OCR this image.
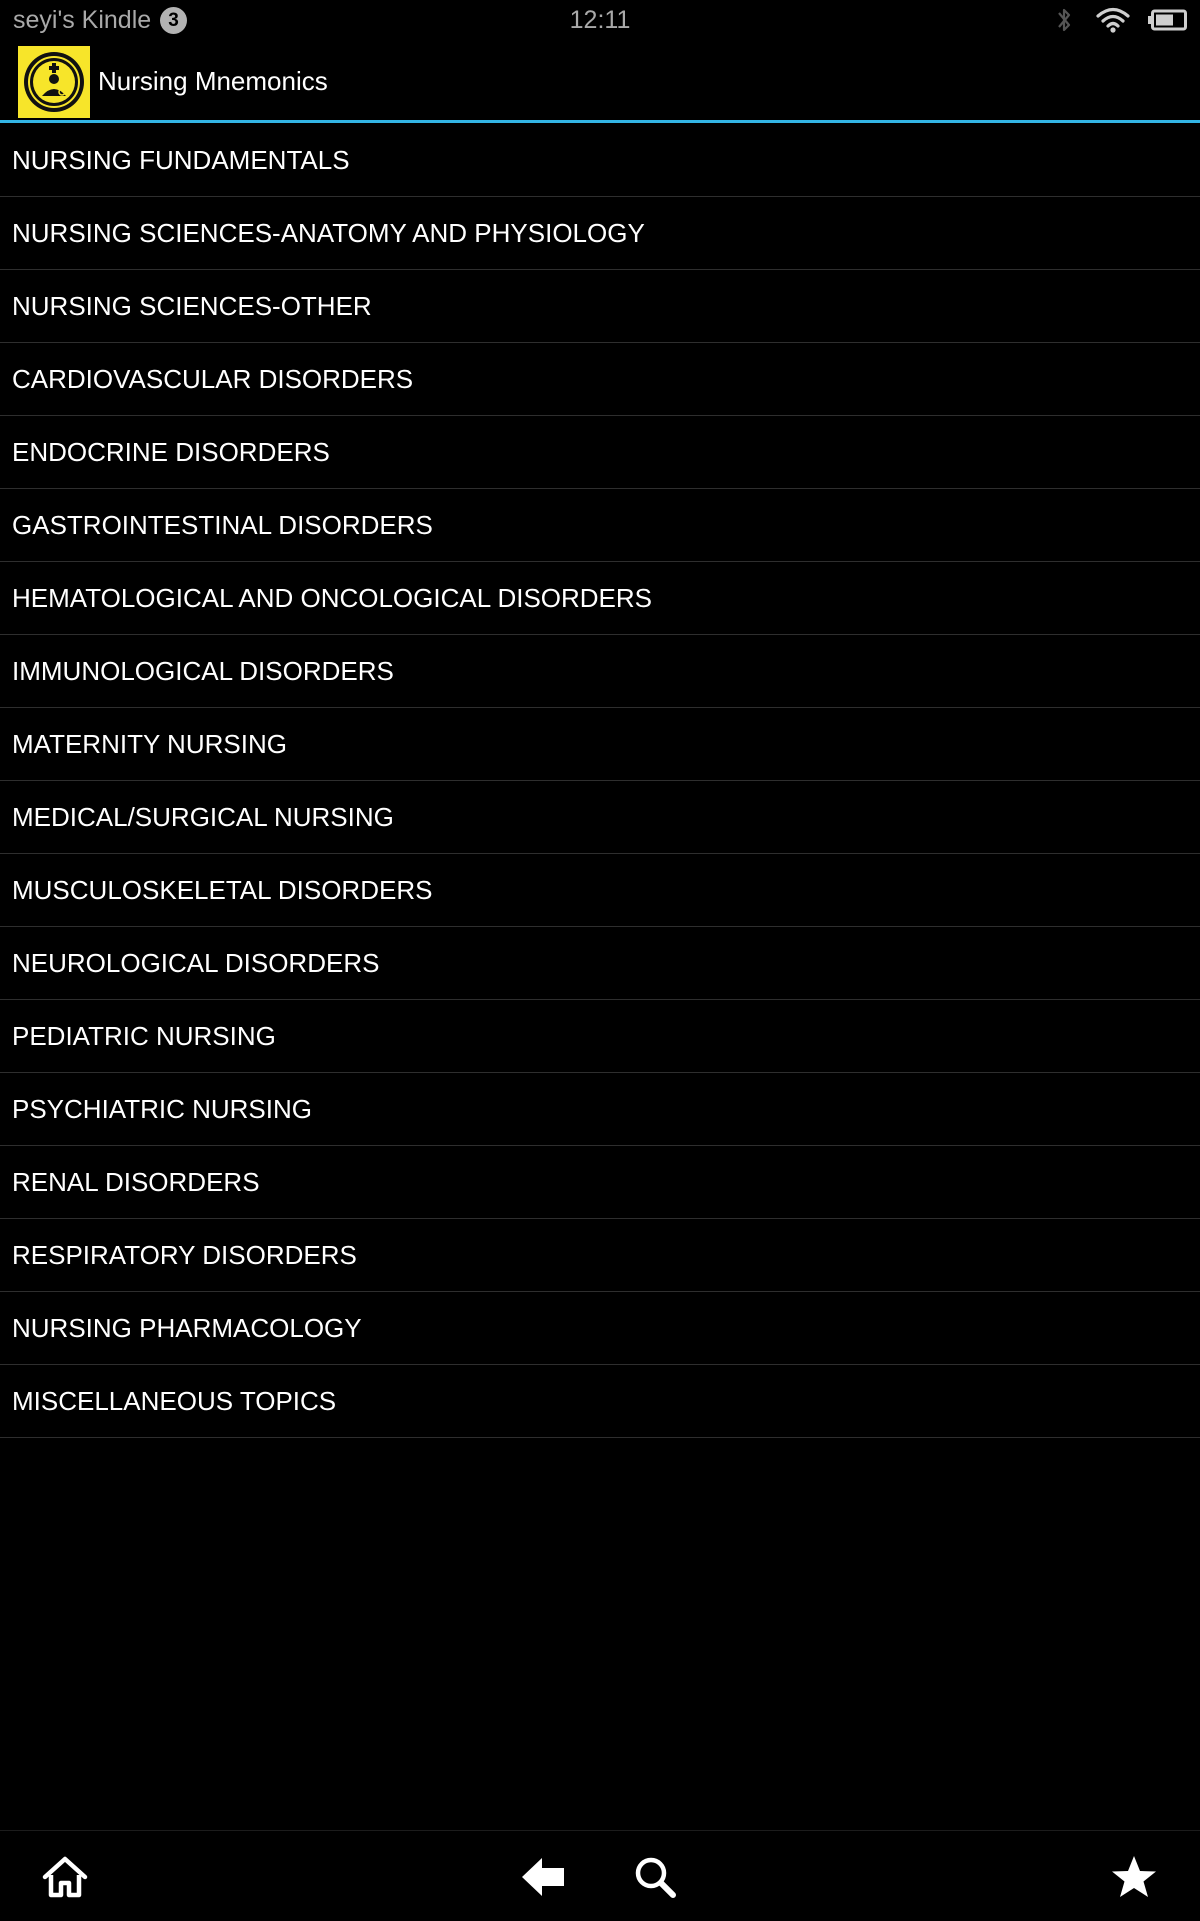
seyi's Kindle 3	12:11
Nursing Mnemonics
NURSING FUNDAMENTALS
NURSING SCIENCES-ANATOMY AND PHYSIOLOGY
NURSING SCIENCES-OTHER
CARDIOVASCULAR DISORDERS
ENDOCRINE DISORDERS
GASTROINTESTINAL DISORDERS
HEMATOLOGICAL AND ONCOLOGICAL DISORDERS
IMMUNOLOGICAL DISORDERS
MATERNITY NURSING
MEDICAL/SURGICAL NURSING
MUSCULOSKELETAL DISORDERS
NEUROLOGICAL DISORDERS
PEDIATRIC NURSING
PSYCHIATRIC NURSING
RENAL DISORDERS
RESPIRATORY DISORDERS
NURSING PHARMACOLOGY
MISCELLANEOUS TOPICS
